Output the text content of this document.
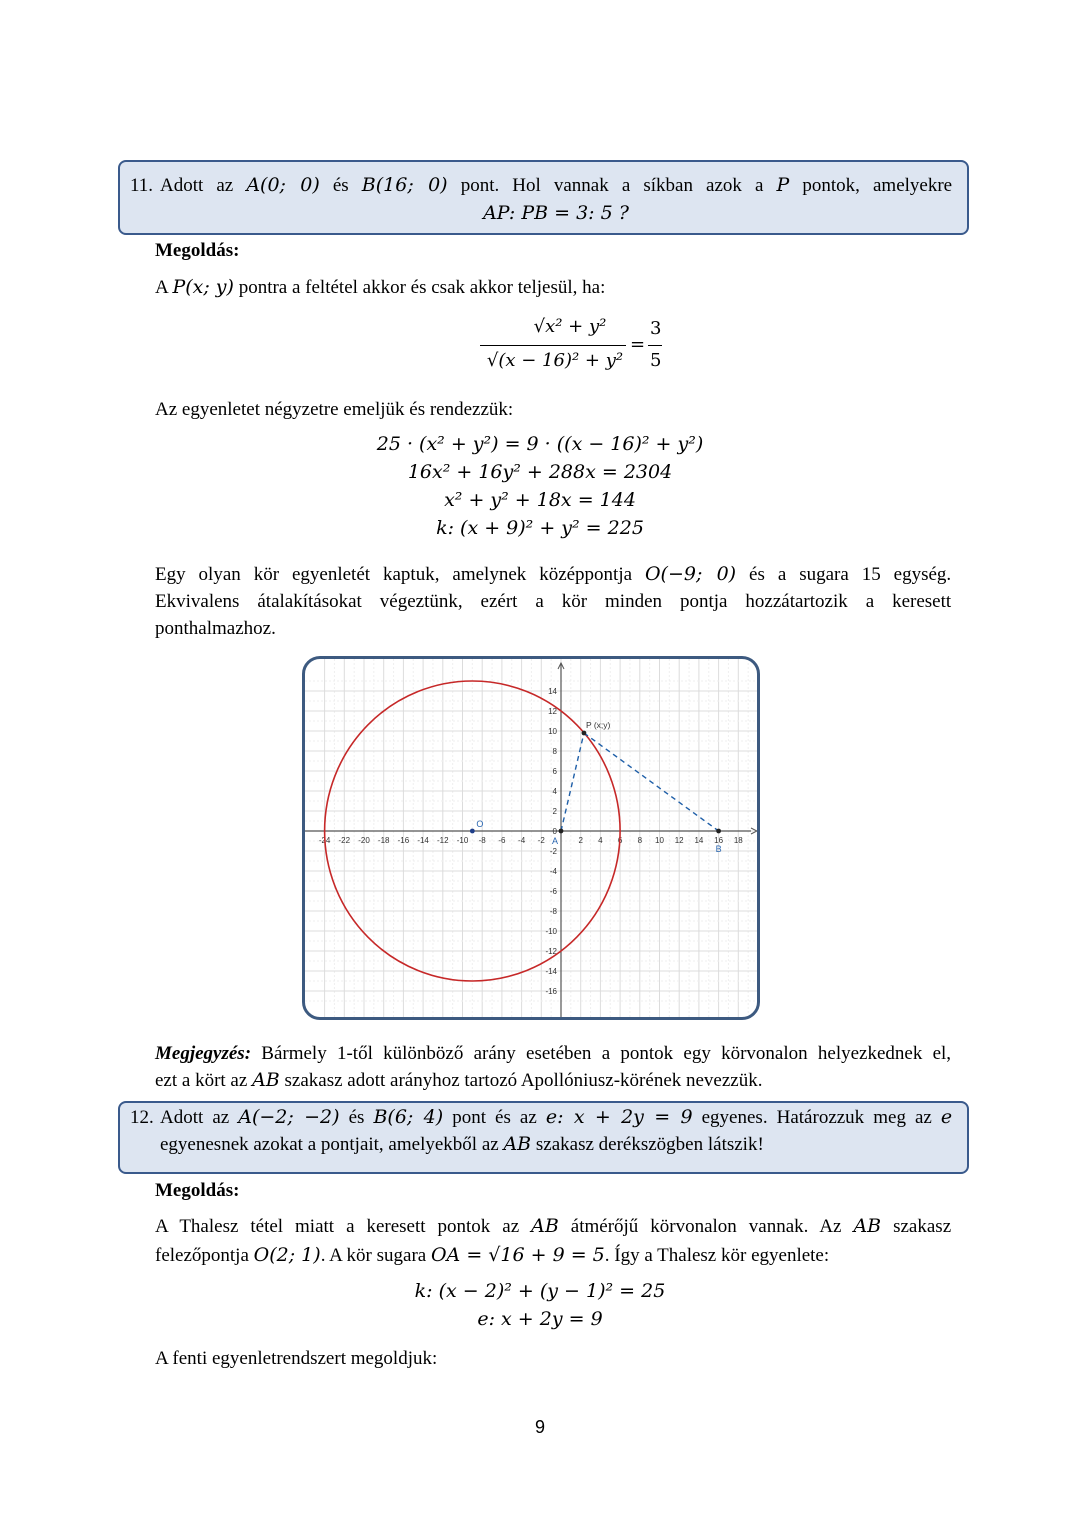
11. Adott az A(0; 0) és B(16; 0) pont. Hol vannak a síkban azok a P pontok, amelyekre
AP: PB = 3: 5 ?
Megoldás:
A P(x; y) pontra a feltétel akkor és csak akkor teljesül, ha:
√x² + y²
√(x − 16)² + y²
=
3
5
Az egyenletet négyzetre emeljük és rendezzük:
25 · (x² + y²) = 9 · ((x − 16)² + y²)
16x² + 16y² + 288x = 2304
x² + y² + 18x = 144
k: (x + 9)² + y² = 225
Egy olyan kör egyenletét kaptuk, amelynek középpontja O(−9; 0) és a sugara 15 egység.
Ekvivalens átalakításokat végeztünk, ezért a kör minden pontja hozzátartozik a keresett
ponthalmazhoz.
-24 -22 -20 -18 -16 -14 -12 -10 -8 -6 -4 -2	2 4 6 8 10 12 14 16 18
14
12
10
8
6
4
2
0
-2
-4
-6
-8
-10
-12
-14
-16
O
A
B
P (x;y)
Megjegyzés: Bármely 1-től különböző arány esetében a pontok egy körvonalon helyezkednek el,
ezt a kört az AB szakasz adott arányhoz tartozó Apollóniusz-körének nevezzük.
12. Adott az A(−2; −2) és B(6; 4) pont és az e: x + 2y = 9 egyenes. Határozzuk meg az e
egyenesnek azokat a pontjait, amelyekből az AB szakasz derékszögben látszik!
Megoldás:
A Thalesz tétel miatt a keresett pontok az AB átmérőjű körvonalon vannak. Az AB szakasz
felezőpontja O(2; 1). A kör sugara OA = √16 + 9 = 5. Így a Thalesz kör egyenlete:
k: (x − 2)² + (y − 1)² = 25
e: x + 2y = 9
A fenti egyenletrendszert megoldjuk:
9
